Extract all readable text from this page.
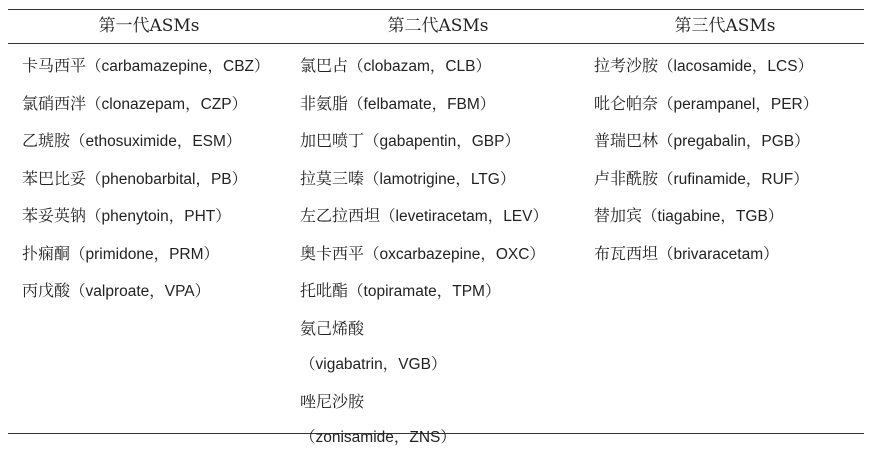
第一代ASMs	第二代ASMs	第三代ASMs
卡马西平（carbamazepine，CBZ）
氯硝西泮（clonazepam，CZP）
乙琥胺（ethosuximide，ESM）
苯巴比妥（phenobarbital，PB）
苯妥英钠（phenytoin，PHT）
扑痫酮（primidone，PRM）
丙戊酸（valproate，VPA）
氯巴占（clobazam，CLB）
非氨脂（felbamate，FBM）
加巴喷丁（gabapentin，GBP）
拉莫三嗪（lamotrigine，LTG）
左乙拉西坦（levetiracetam，LEV）
奥卡西平（oxcarbazepine，OXC）
托吡酯（topiramate，TPM）
氨己烯酸
（vigabatrin，VGB）
唑尼沙胺
（zonisamide，ZNS）
拉考沙胺（lacosamide，LCS）
吡仑帕奈（perampanel，PER）
普瑞巴林（pregabalin，PGB）
卢非酰胺（rufinamide，RUF）
替加宾（tiagabine，TGB）
布瓦西坦（brivaracetam）
